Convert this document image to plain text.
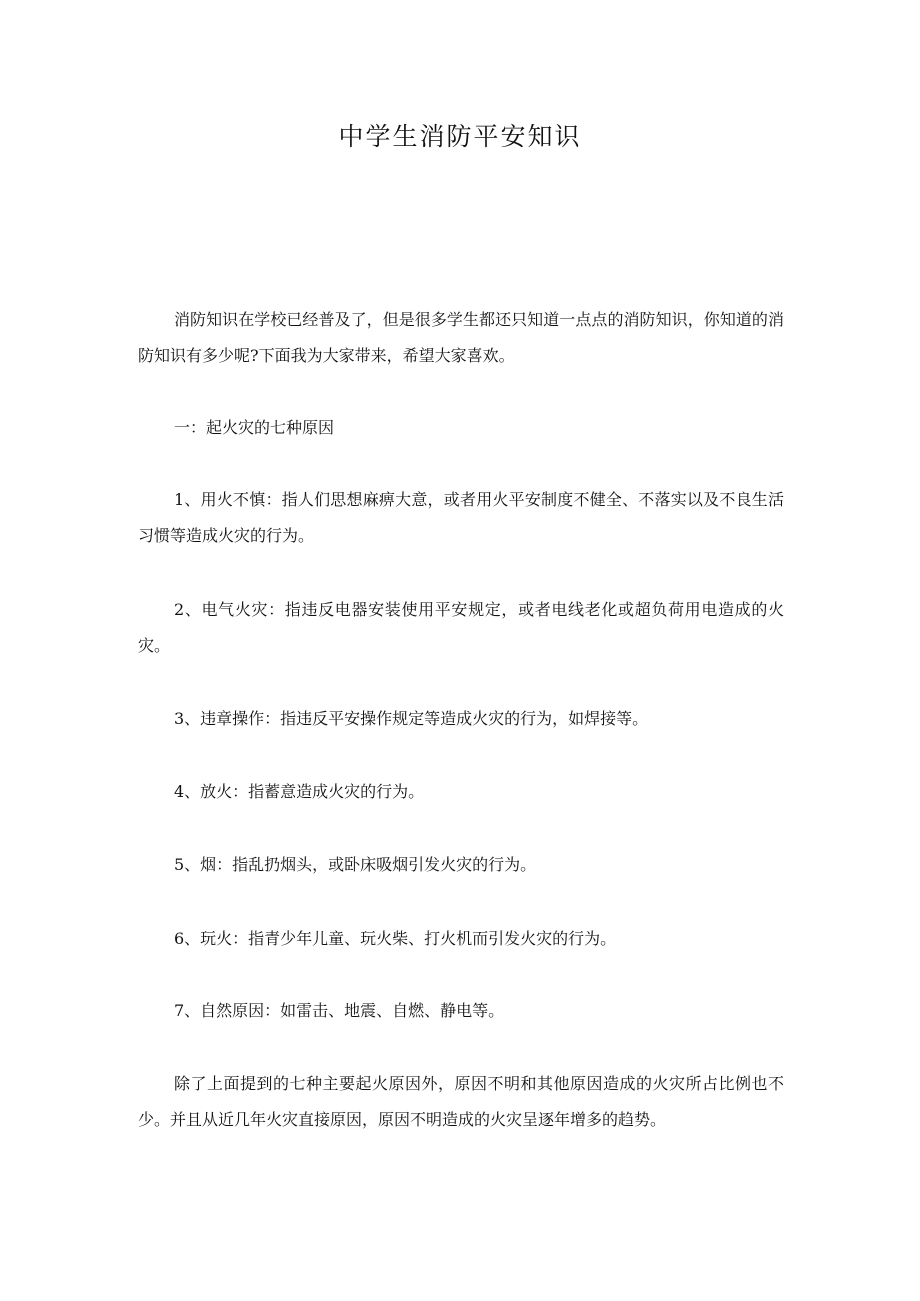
中学生消防平安知识

消防知识在学校已经普及了，但是很多学生都还只知道一点点的消防知识，你知道的消防知识有多少呢?下面我为大家带来，希望大家喜欢。

一：起火灾的七种原因

1、用火不慎：指人们思想麻痹大意，或者用火平安制度不健全、不落实以及不良生活习惯等造成火灾的行为。

2、电气火灾：指违反电器安装使用平安规定，或者电线老化或超负荷用电造成的火灾。

3、违章操作：指违反平安操作规定等造成火灾的行为，如焊接等。

4、放火：指蓄意造成火灾的行为。

5、烟：指乱扔烟头，或卧床吸烟引发火灾的行为。

6、玩火：指青少年儿童、玩火柴、打火机而引发火灾的行为。

7、自然原因：如雷击、地震、自燃、静电等。

除了上面提到的七种主要起火原因外，原因不明和其他原因造成的火灾所占比例也不少。并且从近几年火灾直接原因，原因不明造成的火灾呈逐年增多的趋势。
